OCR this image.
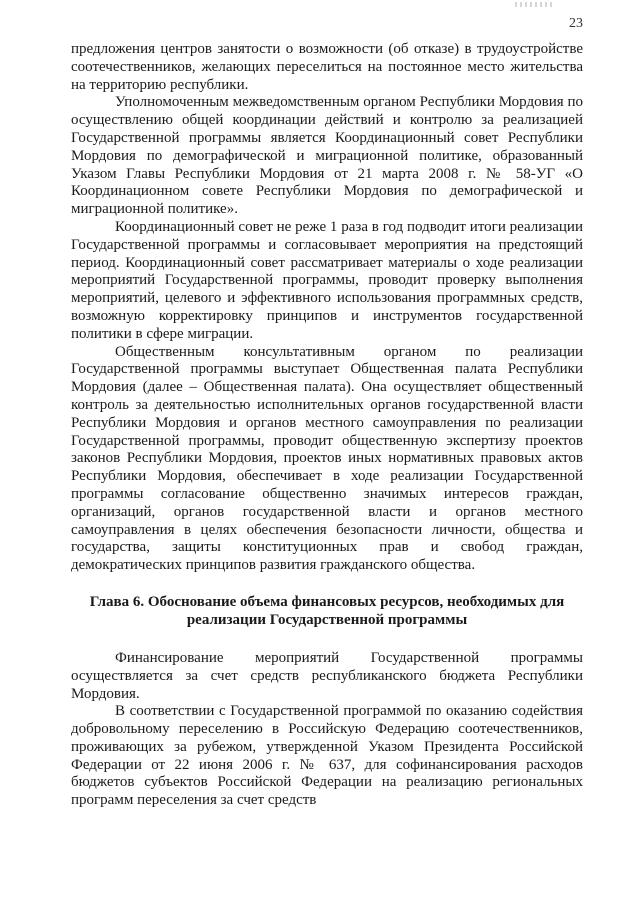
23

предложения центров занятости о возможности (об отказе) в трудоустройстве соотечественников, желающих переселиться на постоянное место жительства на территорию республики.

Уполномоченным межведомственным органом Республики Мордовия по осуществлению общей координации действий и контролю за реализацией Государственной программы является Координационный совет Республики Мордовия по демографической и миграционной политике, образованный Указом Главы Республики Мордовия от 21 марта 2008 г. № 58-УГ «О Координационном совете Республики Мордовия по демографической и миграционной политике».

Координационный совет не реже 1 раза в год подводит итоги реализации Государственной программы и согласовывает мероприятия на предстоящий период. Координационный совет рассматривает материалы о ходе реализации мероприятий Государственной программы, проводит проверку выполнения мероприятий, целевого и эффективного использования программных средств, возможную корректировку принципов и инструментов государственной политики в сфере миграции.

Общественным консультативным органом по реализации Государственной программы выступает Общественная палата Республики Мордовия (далее – Общественная палата). Она осуществляет общественный контроль за деятельностью исполнительных органов государственной власти Республики Мордовия и органов местного самоуправления по реализации Государственной программы, проводит общественную экспертизу проектов законов Республики Мордовия, проектов иных нормативных правовых актов Республики Мордовия, обеспечивает в ходе реализации Государственной программы согласование общественно значимых интересов граждан, организаций, органов государственной власти и органов местного самоуправления в целях обеспечения безопасности личности, общества и государства, защиты конституционных прав и свобод граждан, демократических принципов развития гражданского общества.

Глава 6. Обоснование объема финансовых ресурсов, необходимых для реализации Государственной программы

Финансирование мероприятий Государственной программы осуществляется за счет средств республиканского бюджета Республики Мордовия.

В соответствии с Государственной программой по оказанию содействия добровольному переселению в Российскую Федерацию соотечественников, проживающих за рубежом, утвержденной Указом Президента Российской Федерации от 22 июня 2006 г. № 637, для софинансирования расходов бюджетов субъектов Российской Федерации на реализацию региональных программ переселения за счет средств
